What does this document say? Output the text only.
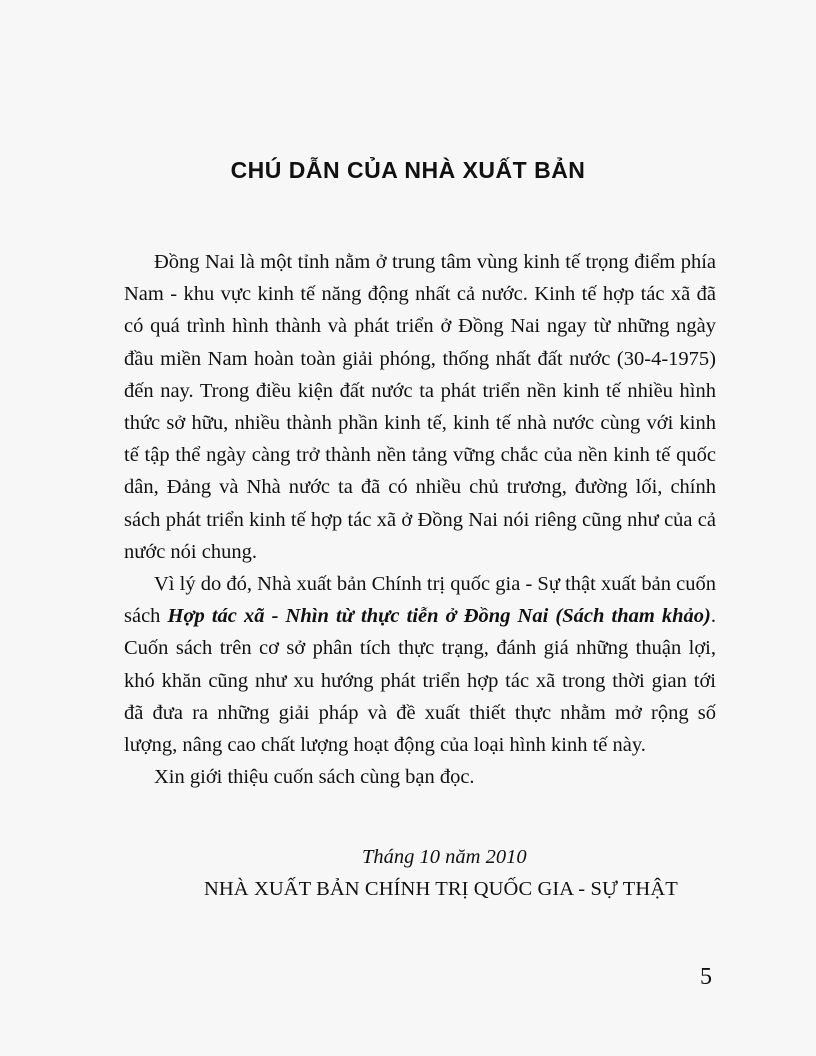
CHÚ DẪN CỦA NHÀ XUẤT BẢN

Đồng Nai là một tỉnh nằm ở trung tâm vùng kinh tế trọng điểm phía Nam - khu vực kinh tế năng động nhất cả nước. Kinh tế hợp tác xã đã có quá trình hình thành và phát triển ở Đồng Nai ngay từ những ngày đầu miền Nam hoàn toàn giải phóng, thống nhất đất nước (30-4-1975) đến nay. Trong điều kiện đất nước ta phát triển nền kinh tế nhiều hình thức sở hữu, nhiều thành phần kinh tế, kinh tế nhà nước cùng với kinh tế tập thể ngày càng trở thành nền tảng vững chắc của nền kinh tế quốc dân, Đảng và Nhà nước ta đã có nhiều chủ trương, đường lối, chính sách phát triển kinh tế hợp tác xã ở Đồng Nai nói riêng cũng như của cả nước nói chung.

Vì lý do đó, Nhà xuất bản Chính trị quốc gia - Sự thật xuất bản cuốn sách Hợp tác xã - Nhìn từ thực tiễn ở Đồng Nai (Sách tham khảo). Cuốn sách trên cơ sở phân tích thực trạng, đánh giá những thuận lợi, khó khăn cũng như xu hướng phát triển hợp tác xã trong thời gian tới đã đưa ra những giải pháp và đề xuất thiết thực nhằm mở rộng số lượng, nâng cao chất lượng hoạt động của loại hình kinh tế này.

Xin giới thiệu cuốn sách cùng bạn đọc.

Tháng 10 năm 2010
NHÀ XUẤT BẢN CHÍNH TRỊ QUỐC GIA - SỰ THẬT
5
